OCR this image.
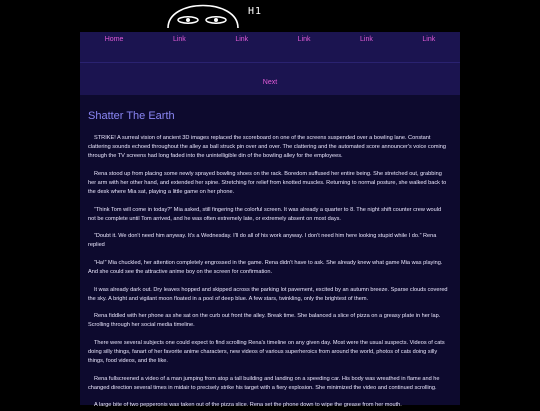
H1
Home	Link	Link	Link	Link	Link
Next
Shatter The Earth

STRIKE! A surreal vision of ancient 3D images replaced the scoreboard on one of the screens suspended over a bowling lane. Constant clattering sounds echoed throughout the alley as ball struck pin over and over. The clattering and the automated score announcer's voice coming through the TV screens had long faded into the unintelligible din of the bowling alley for the employees.

Rena stood up from placing some newly sprayed bowling shoes on the rack. Boredom suffused her entire being. She stretched out, grabbing her arm with her other hand, and extended her spine. Stretching for relief from knotted muscles. Returning to normal posture, she walked back to the desk where Mia sat, playing a little game on her phone.

“Think Tom will come in today?” Mia asked, still fingering the colorful screen. It was already a quarter to 8. The night shift counter crew would not be complete until Tom arrived, and he was often extremely late, or extremely absent on most days.

“Doubt it. We don't need him anyway. It's a Wednesday. I'll do all of his work anyway. I don't need him here looking stupid while I do.” Rena replied

“Ha!” Mia chuckled, her attention completely engrossed in the game. Rena didn't have to ask. She already knew what game Mia was playing. And she could see the attractive anime boy on the screen for confirmation.

It was already dark out. Dry leaves hopped and skipped across the parking lot pavement, excited by an autumn breeze. Sparse clouds covered the sky. A bright and vigilant moon floated in a pool of deep blue. A few stars, twinkling, only the brightest of them.

Rena fiddled with her phone as she sat on the curb out front the alley. Break time. She balanced a slice of pizza on a greasy plate in her lap. Scrolling through her social media timeline.

There were several subjects one could expect to find scrolling Rena's timeline on any given day. Most were the usual suspects. Videos of cats doing silly things, fanart of her favorite anime characters, new videos of various superheroics from around the world, photos of cats doing silly things, food videos, and the like.

Rena fullscreened a video of a man jumping from atop a tall building and landing on a speeding car. His body was wreathed in flame and he changed direction several times in midair to precisely strike his target with a fiery explosion. She minimized the video and continued scrolling.

A large bite of two pepperonis was taken out of the pizza slice. Rena set the phone down to wipe the grease from her mouth.
